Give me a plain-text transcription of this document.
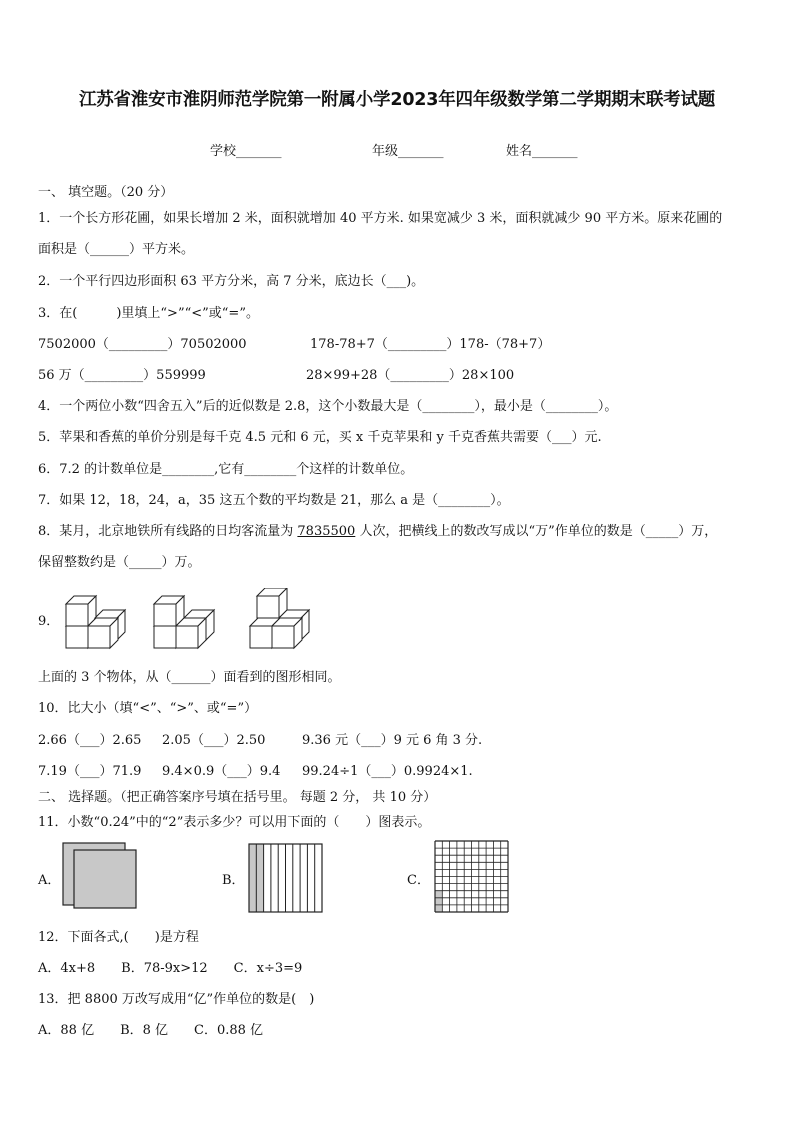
江苏省淮安市淮阴师范学院第一附属小学2023年四年级数学第二学期期末联考试题
学校_______	年级_______	姓名_______
一、 填空题。（20 分）
1．一个长方形花圃，如果长增加 2 米，面积就增加 40 平方米. 如果宽减少 3 米，面积就减少 90 平方米。原来花圃的
面积是（______）平方米。
2．一个平行四边形面积 63 平方分米，高 7 分米，底边长（___)。
3．在(　　　)里填上“>”“<”或“=”。
7502000（_________）70502000	178-78+7（_________）178-（78+7）
56 万（_________）559999	28×99+28（_________）28×100
4．一个两位小数“四舍五入”后的近似数是 2.8，这个小数最大是（________），最小是（________）。
5．苹果和香蕉的单价分别是每千克 4.5 元和 6 元，买 x 千克苹果和 y 千克香蕉共需要（___）元.
6．7.2 的计数单位是________,它有________个这样的计数单位。
7．如果 12，18，24，a，35 这五个数的平均数是 21，那么 a 是（________）。
8．某月，北京地铁所有线路的日均客流量为 7835500 人次，把横线上的数改写成以“万”作单位的数是（_____）万，
保留整数约是（_____）万。
9．
上面的 3 个物体，从（______）面看到的图形相同。
10．比大小（填“<”、“>”、或“=”）
2.66（___）2.65 2.05（___）2.50	9.36 元（___）9 元 6 角 3 分.
7.19（___）71.9 9.4×0.9（___）9.4 99.24÷1（___）0.9924×1.
二、 选择题。（把正确答案序号填在括号里。 每题 2 分， 共 10 分）
11．小数“0.24”中的“2”表示多少？可以用下面的（　　）图表示。
A．	B．	C．
12．下面各式,(　　)是方程
A．4x+8　　B．78-9x>12　　C．x÷3=9
13．把 8800 万改写成用“亿”作单位的数是(　)
A．88 亿　　B．8 亿　　C．0.88 亿
